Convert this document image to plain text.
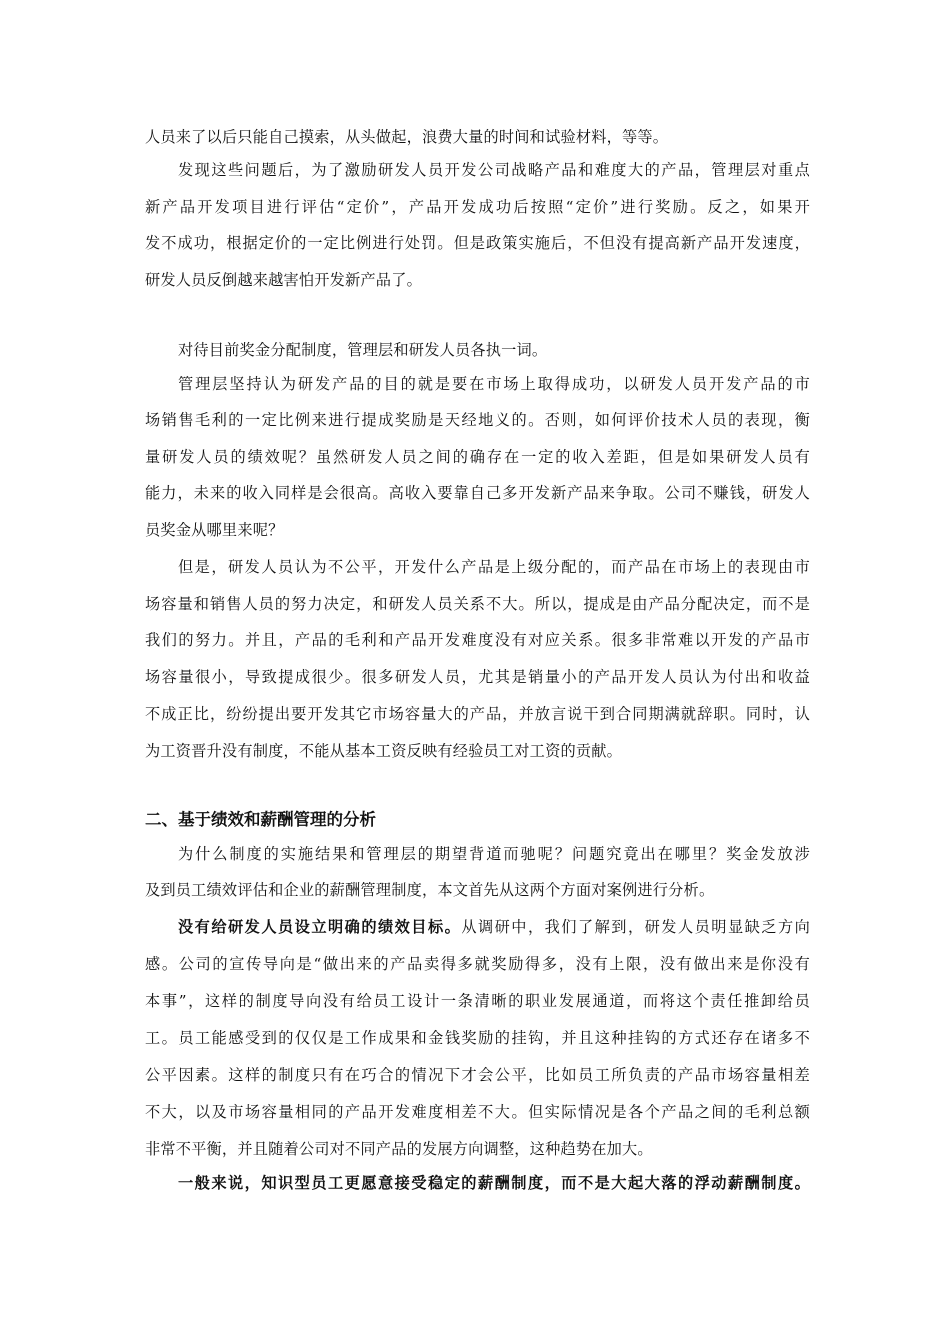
人员来了以后只能自己摸索，从头做起，浪费大量的时间和试验材料，等等。
发现这些问题后，为了激励研发人员开发公司战略产品和难度大的产品，管理层对重点
新产品开发项目进行评估“定价”，产品开发成功后按照“定价”进行奖励。反之，如果开
发不成功，根据定价的一定比例进行处罚。但是政策实施后，不但没有提高新产品开发速度，
研发人员反倒越来越害怕开发新产品了。
对待目前奖金分配制度，管理层和研发人员各执一词。
管理层坚持认为研发产品的目的就是要在市场上取得成功，以研发人员开发产品的市
场销售毛利的一定比例来进行提成奖励是天经地义的。否则，如何评价技术人员的表现，衡
量研发人员的绩效呢？虽然研发人员之间的确存在一定的收入差距，但是如果研发人员有
能力，未来的收入同样是会很高。高收入要靠自己多开发新产品来争取。公司不赚钱，研发人
员奖金从哪里来呢？
但是，研发人员认为不公平，开发什么产品是上级分配的，而产品在市场上的表现由市
场容量和销售人员的努力决定，和研发人员关系不大。所以，提成是由产品分配决定，而不是
我们的努力。并且，产品的毛利和产品开发难度没有对应关系。很多非常难以开发的产品市
场容量很小，导致提成很少。很多研发人员，尤其是销量小的产品开发人员认为付出和收益
不成正比，纷纷提出要开发其它市场容量大的产品，并放言说干到合同期满就辞职。同时，认
为工资晋升没有制度，不能从基本工资反映有经验员工对工资的贡献。
二、基于绩效和薪酬管理的分析
为什么制度的实施结果和管理层的期望背道而驰呢？问题究竟出在哪里？奖金发放涉
及到员工绩效评估和企业的薪酬管理制度，本文首先从这两个方面对案例进行分析。
没有给研发人员设立明确的绩效目标。从调研中，我们了解到，研发人员明显缺乏方向
感。公司的宣传导向是“做出来的产品卖得多就奖励得多，没有上限，没有做出来是你没有
本事”，这样的制度导向没有给员工设计一条清晰的职业发展通道，而将这个责任推卸给员
工。员工能感受到的仅仅是工作成果和金钱奖励的挂钩，并且这种挂钩的方式还存在诸多不
公平因素。这样的制度只有在巧合的情况下才会公平，比如员工所负责的产品市场容量相差
不大，以及市场容量相同的产品开发难度相差不大。但实际情况是各个产品之间的毛利总额
非常不平衡，并且随着公司对不同产品的发展方向调整，这种趋势在加大。
一般来说，知识型员工更愿意接受稳定的薪酬制度，而不是大起大落的浮动薪酬制度。
